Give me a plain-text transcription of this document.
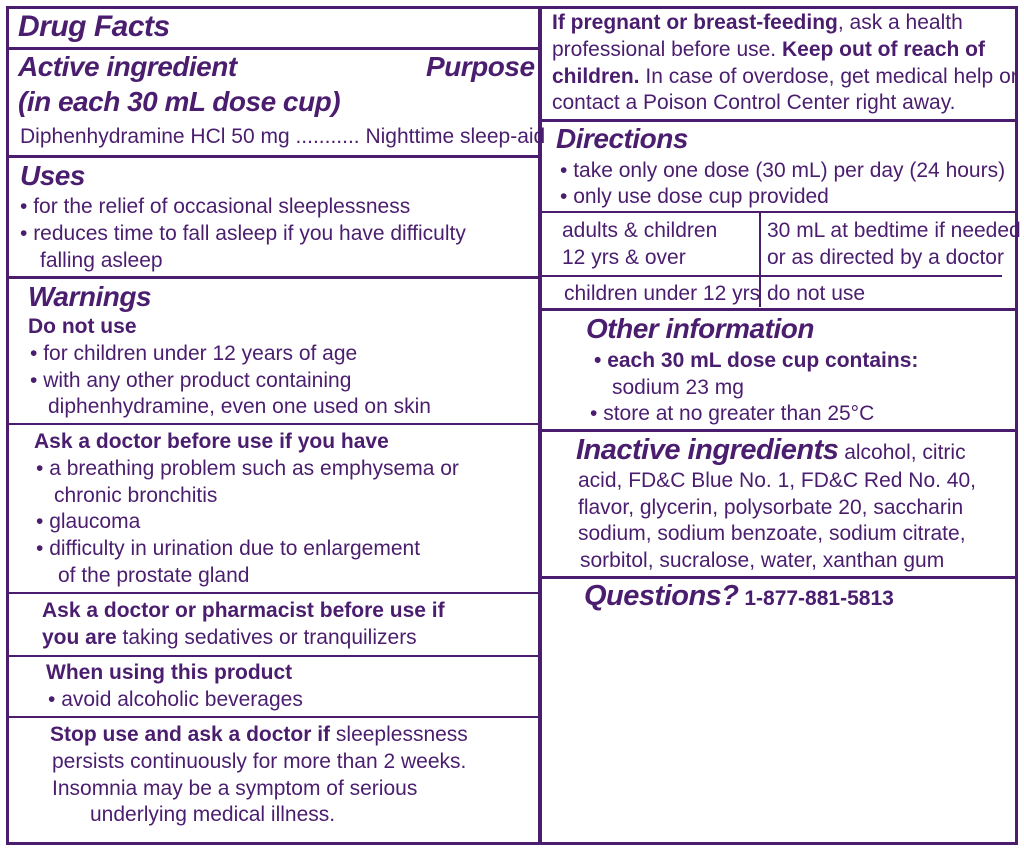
Drug Facts
Active ingredient	Purpose
(in each 30 mL dose cup)
Diphenhydramine HCl 50 mg ........... Nighttime sleep-aid
Uses
• for the relief of occasional sleeplessness
• reduces time to fall asleep if you have difficulty
falling asleep
Warnings
Do not use
• for children under 12 years of age
• with any other product containing
diphenhydramine, even one used on skin
Ask a doctor before use if you have
• a breathing problem such as emphysema or
chronic bronchitis
• glaucoma
• difficulty in urination due to enlargement
of the prostate gland
Ask a doctor or pharmacist before use if
you are taking sedatives or tranquilizers
When using this product
• avoid alcoholic beverages
Stop use and ask a doctor if sleeplessness
persists continuously for more than 2 weeks.
Insomnia may be a symptom of serious
underlying medical illness.
If pregnant or breast-feeding, ask a health
professional before use. Keep out of reach of
children. In case of overdose, get medical help or
contact a Poison Control Center right away.
Directions
• take only one dose (30 mL) per day (24 hours)
• only use dose cup provided
adults & children
12 yrs & over
30 mL at bedtime if needed
or as directed by a doctor
children under 12 yrs do not use
Other information
• each 30 mL dose cup contains:
sodium 23 mg
• store at no greater than 25°C
Inactive ingredients alcohol, citric
acid, FD&C Blue No. 1, FD&C Red No. 40,
flavor, glycerin, polysorbate 20, saccharin
sodium, sodium benzoate, sodium citrate,
sorbitol, sucralose, water, xanthan gum
Questions? 1-877-881-5813
